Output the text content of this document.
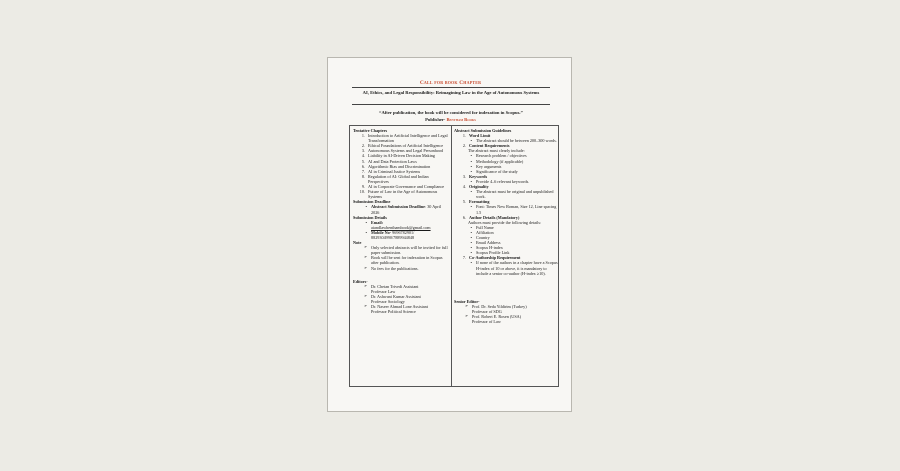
Call for book Chapter
AI, Ethics, and Legal Responsibility: Reimagining Law in the Age of Autonomous Systems
“After publication, the book will be considered for indexation in Scopus.”
Publisher- Bentham Books
Tentative Chapters
1. Introduction to Artificial Intelligence and Legal Transformation
2. Ethical Foundations of Artificial Intelligence
3. Autonomous Systems and Legal Personhood
4. Liability in AI-Driven Decision Making
5. AI and Data Protection Laws
6. Algorithmic Bias and Discrimination
7. AI in Criminal Justice Systems
8. Regulation of AI: Global and Indian Perspectives
9. AI in Corporate Governance and Compliance
10. Future of Law in the Age of Autonomous Systems
Submission Deadline
• Abstract Submission Deadline: 30 April 2026
Submission Details
• Email:
aiandlawbenthambook@gmail.com
• Mobile No- 9696782901/ 8829304990/7889944848
Note
➢ Only selected abstracts will be invited for full paper submission.
➢ Book will be sent for indexation in Scopus after publication.
➢ No fees for the publications.
Editors-
➢ Dr. Chetan Trivedi Assistant
Professor Law
➢ Dr. Ashwani Kumar Assistant
Professor Sociology
➢ Dr. Naseer Ahmad Lone Assistant
Professor Political Science
Abstract Submission Guidelines
1. Word Limit
• The abstract should be between 200–300 words.
2. Content Requirements
The abstract must clearly include:
• Research problem / objectives
• Methodology (if applicable)
• Key arguments
• Significance of the study
3. Keywords
• Provide 4–6 relevant keywords.
4. Originality
• The abstract must be original and unpublished work.
5. Formatting
• Font: Times New Roman, Size 12, Line spacing 1.5
6. Author Details (Mandatory)
Authors must provide the following details:
• Full Name
• Affiliation
• Country
• Email Address
• Scopus H-index
• Scopus Profile Link
7. Co-Authorship Requirement
• If none of the authors in a chapter have a Scopus H-index of 10 or above, it is mandatory to include a senior co-author (H-index ≥10).
Senior Editor-
➢ Prof. Dr. Seda Yildirim (Turkey)
Professor of SDG
➢ Prof. Robert E. Rosen (USA)
Professor of Law
